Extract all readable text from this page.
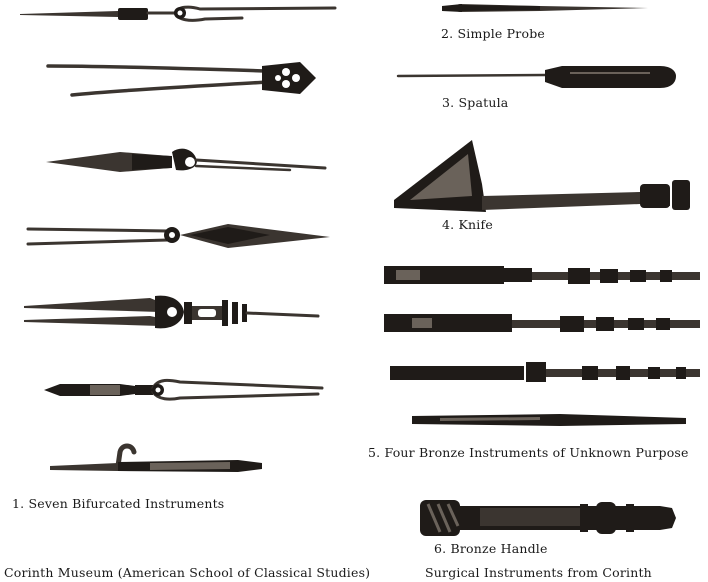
1. Seven Bifurcated Instruments
2. Simple Probe
3. Spatula
4. Knife
5. Four Bronze Instruments of Unknown Purpose
6. Bronze Handle
Corinth Museum (American School of Classical Studies)	Surgical Instruments from Corinth
